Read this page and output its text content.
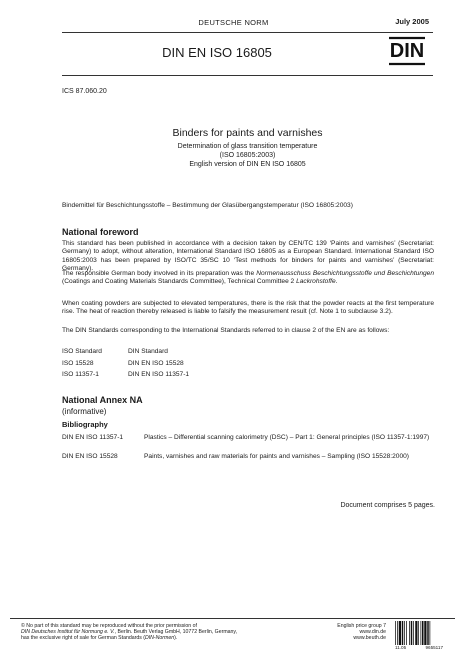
DEUTSCHE NORM	July 2005
DIN EN ISO 16805	DIN
ICS 87.060.20
Binders for paints and varnishes
Determination of glass transition temperature
(ISO 16805:2003)
English version of DIN EN ISO 16805
Bindemittel für Beschichtungsstoffe – Bestimmung der Glasübergangstemperatur (ISO 16805:2003)
National foreword
This standard has been published in accordance with a decision taken by CEN/TC 139 ‘Paints and varnishes’ (Secretariat: Germany) to adopt, without alteration, International Standard ISO 16805 as a European Standard. International Standard ISO 16805:2003 has been prepared by ISO/TC 35/SC 10 ‘Test methods for binders for paints and varnishes’ (Secretariat: Germany).
The responsible German body involved in its preparation was the Normenausschuss Beschichtungsstoffe und Beschichtungen (Coatings and Coating Materials Standards Committee), Technical Committee 2 Lackrohstoffe.
When coating powders are subjected to elevated temperatures, there is the risk that the powder reacts at the first temperature rise. The heat of reaction thereby released is liable to falsify the measurement result (cf. Note 1 to subclause 3.2).
The DIN Standards corresponding to the International Standards referred to in clause 2 of the EN are as follows:
ISO Standard	DIN Standard
ISO 15528	DIN EN ISO 15528
ISO 11357-1	DIN EN ISO 11357-1
National Annex NA
(informative)
Bibliography
DIN EN ISO 11357-1	Plastics – Differential scanning calorimetry (DSC) – Part 1: General principles (ISO 11357-1:1997)
DIN EN ISO 15528	Paints, varnishes and raw materials for paints and varnishes – Sampling (ISO 15528:2000)
Document comprises 5 pages.
© No part of this standard may be reproduced without the prior permission of
DIN Deutsches Institut für Normung e. V., Berlin. Beuth Verlag GmbH, 10772 Berlin, Germany,
has the exclusive right of sale for German Standards (DIN-Normen).
English price group 7
www.din.de
www.beuth.de
11.05	9655117
